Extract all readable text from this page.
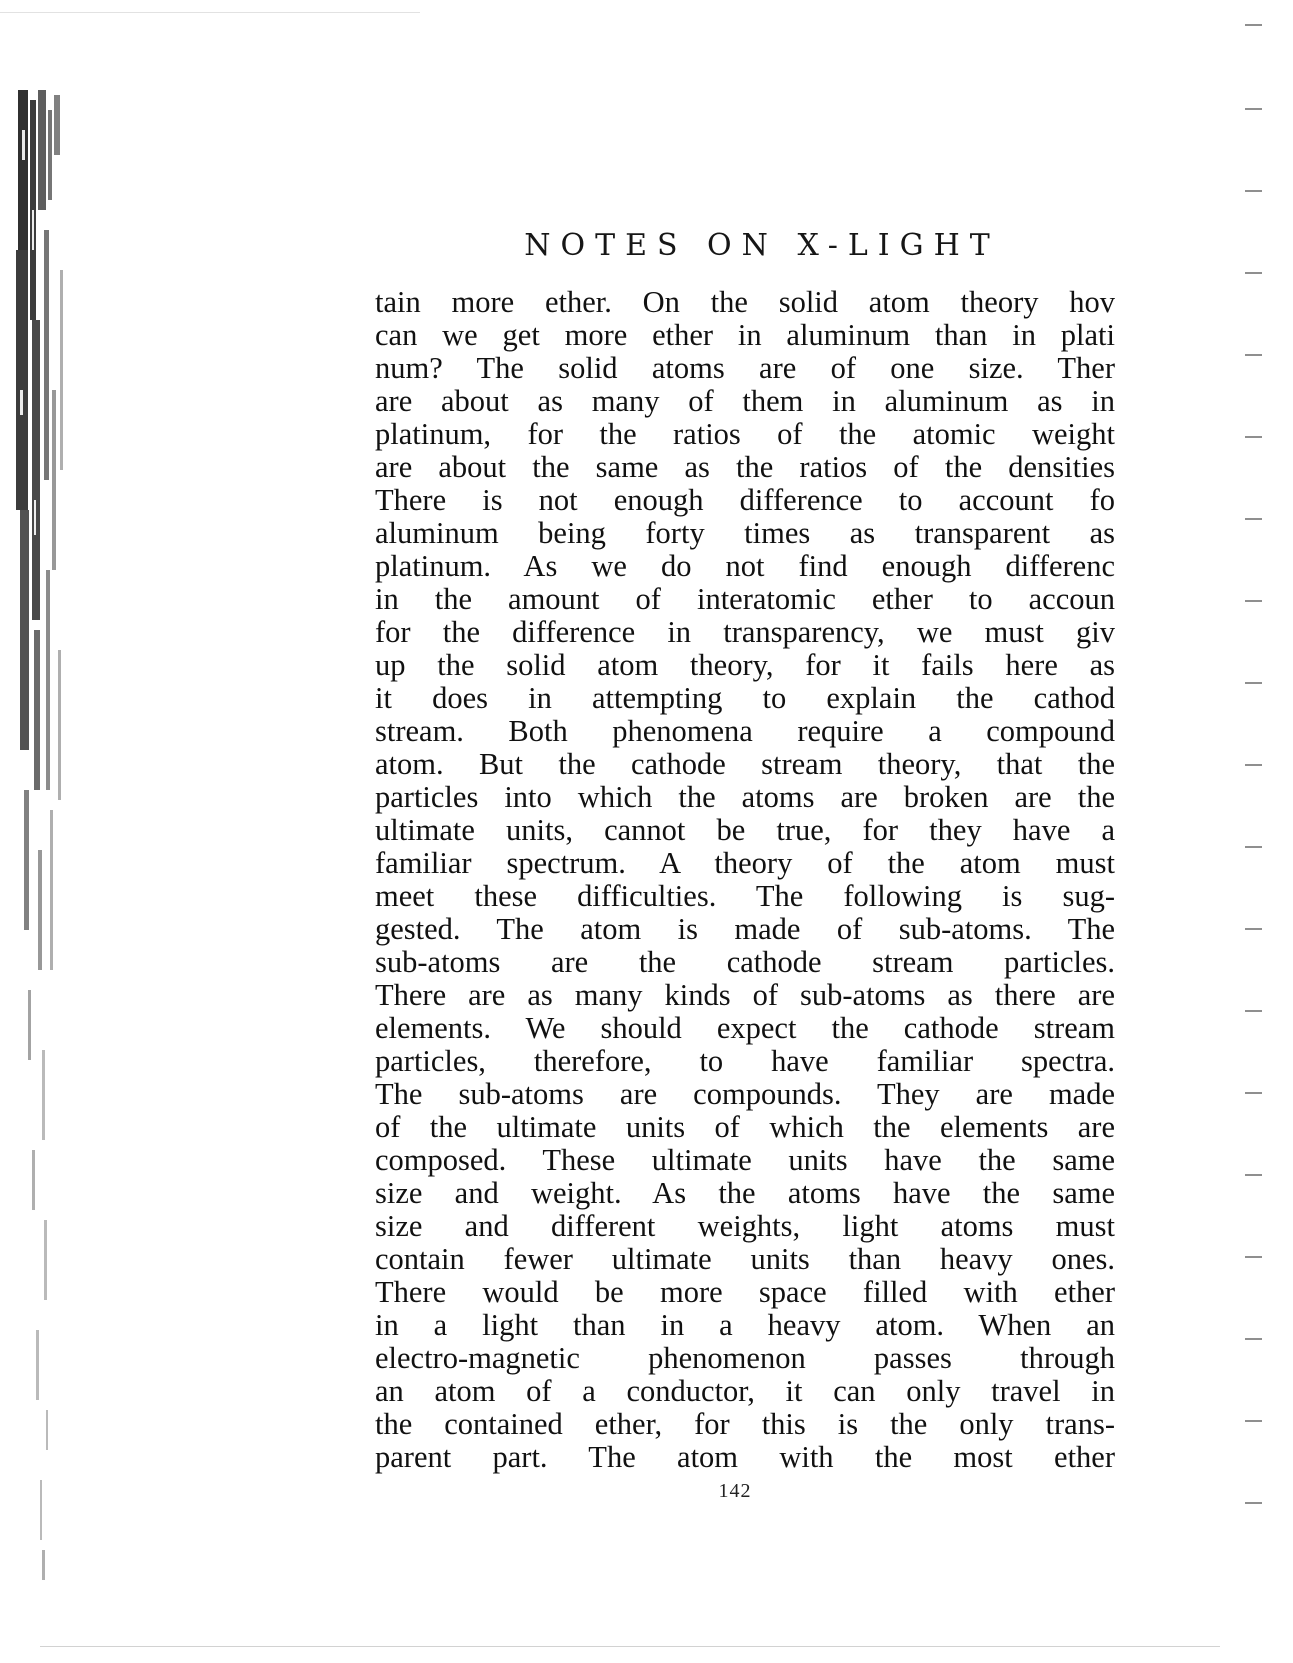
NOTES ON X-LIGHT
tain more ether. On the solid atom theory hov
can we get more ether in aluminum than in plati
num? The solid atoms are of one size. Ther
are about as many of them in aluminum as in
platinum, for the ratios of the atomic weight
are about the same as the ratios of the densities
There is not enough difference to account fo
aluminum being forty times as transparent as
platinum. As we do not find enough differenc
in the amount of interatomic ether to accoun
for the difference in transparency, we must giv
up the solid atom theory, for it fails here as
it does in attempting to explain the cathod
stream. Both phenomena require a compound
atom. But the cathode stream theory, that the
particles into which the atoms are broken are the
ultimate units, cannot be true, for they have a
familiar spectrum. A theory of the atom must
meet these difficulties. The following is sug-
gested. The atom is made of sub-atoms. The
sub-atoms are the cathode stream particles.
There are as many kinds of sub-atoms as there are
elements. We should expect the cathode stream
particles, therefore, to have familiar spectra.
The sub-atoms are compounds. They are made
of the ultimate units of which the elements are
composed. These ultimate units have the same
size and weight. As the atoms have the same
size and different weights, light atoms must
contain fewer ultimate units than heavy ones.
There would be more space filled with ether
in a light than in a heavy atom. When an
electro-magnetic phenomenon passes through
an atom of a conductor, it can only travel in
the contained ether, for this is the only trans-
parent part. The atom with the most ether

142
